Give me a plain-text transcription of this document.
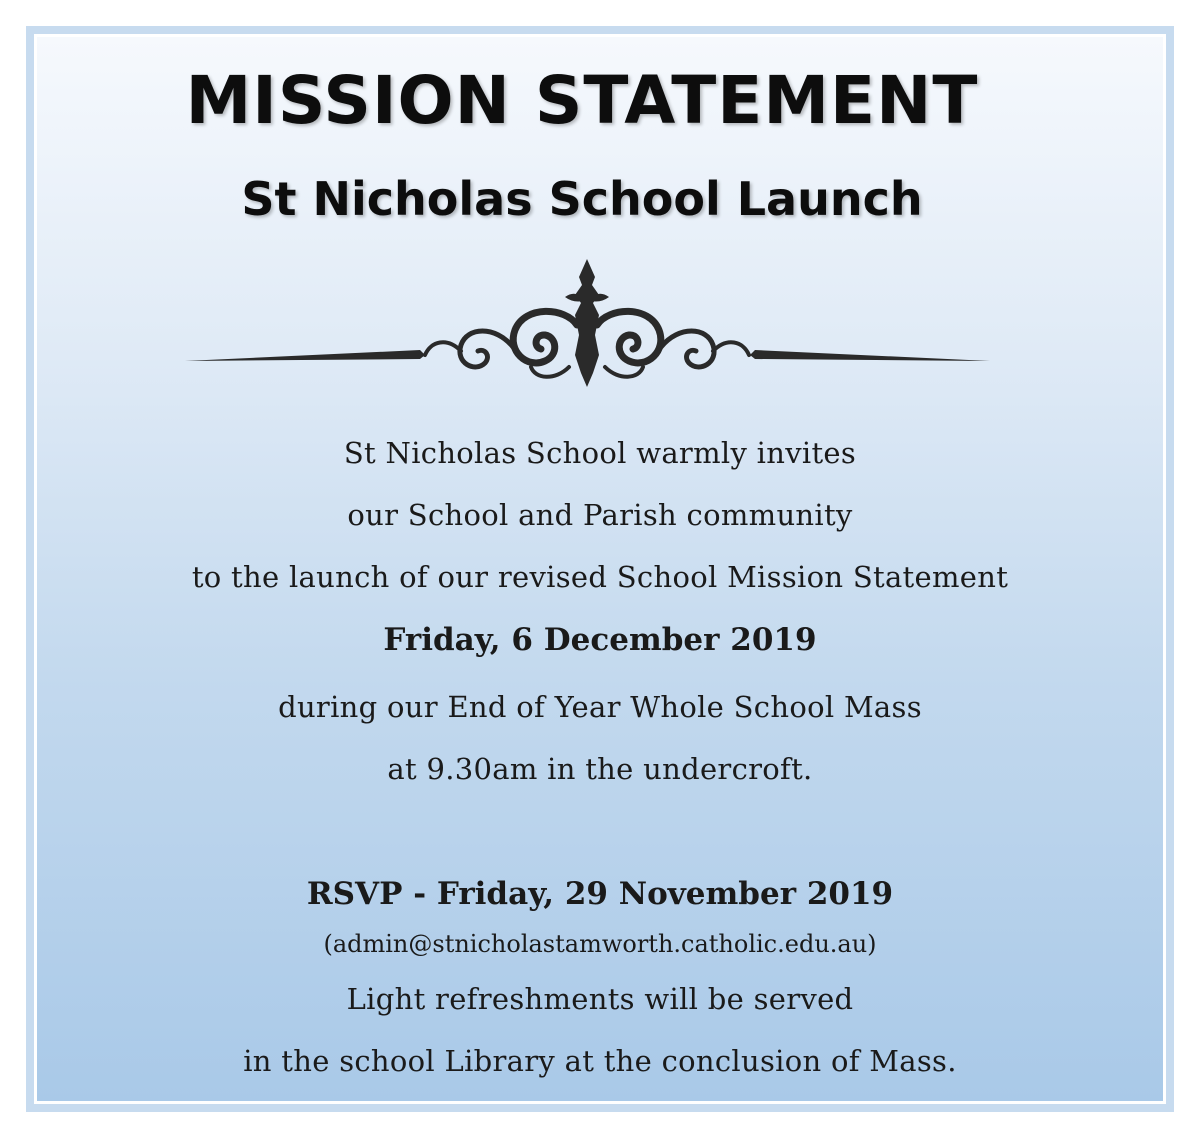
MISSION STATEMENT
St Nicholas School Launch
St Nicholas School warmly invites
our School and Parish community
to the launch of our revised School Mission Statement
Friday, 6 December 2019
during our End of Year Whole School Mass
at 9.30am in the undercroft.
RSVP - Friday, 29 November 2019
(admin@stnicholastamworth.catholic.edu.au)
Light refreshments will be served
in the school Library at the conclusion of Mass.
